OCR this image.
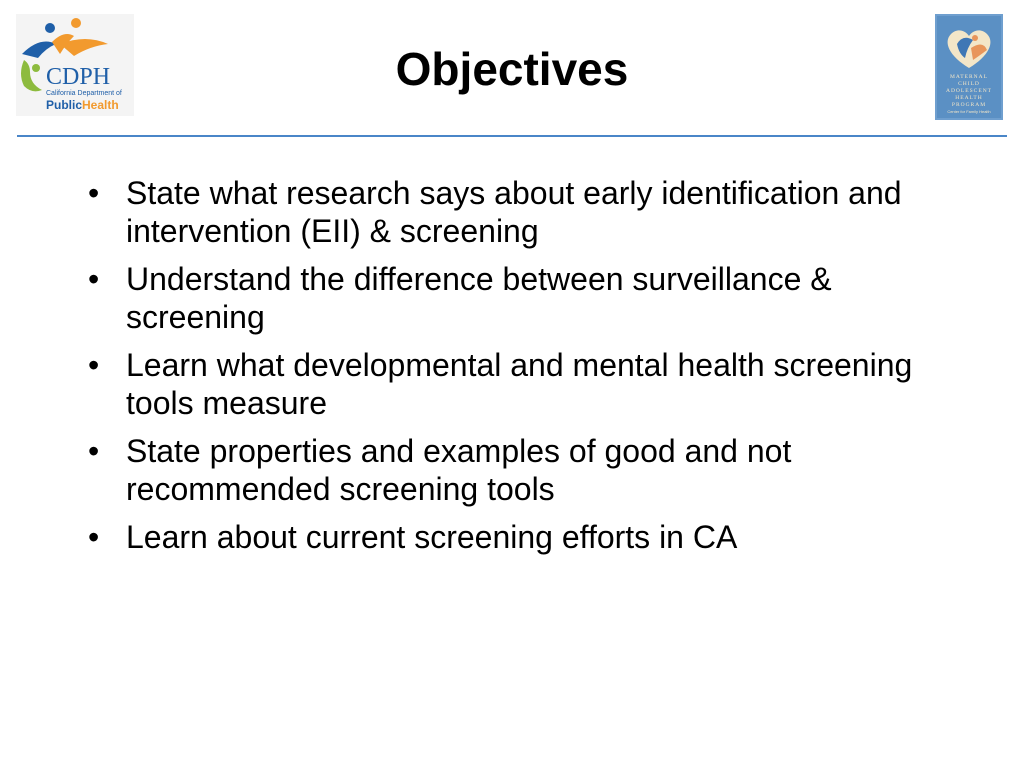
CDPH
California Department of
PublicHealth
Objectives	MATERNAL
CHILD
ADOLESCENT
HEALTH
PROGRAM
Center for Family Health
• State what research says about early identification and intervention (EII) & screening
• Understand the difference between surveillance & screening
• Learn what developmental and mental health screening tools measure
• State properties and examples of good and not recommended screening tools
• Learn about current screening efforts in CA
